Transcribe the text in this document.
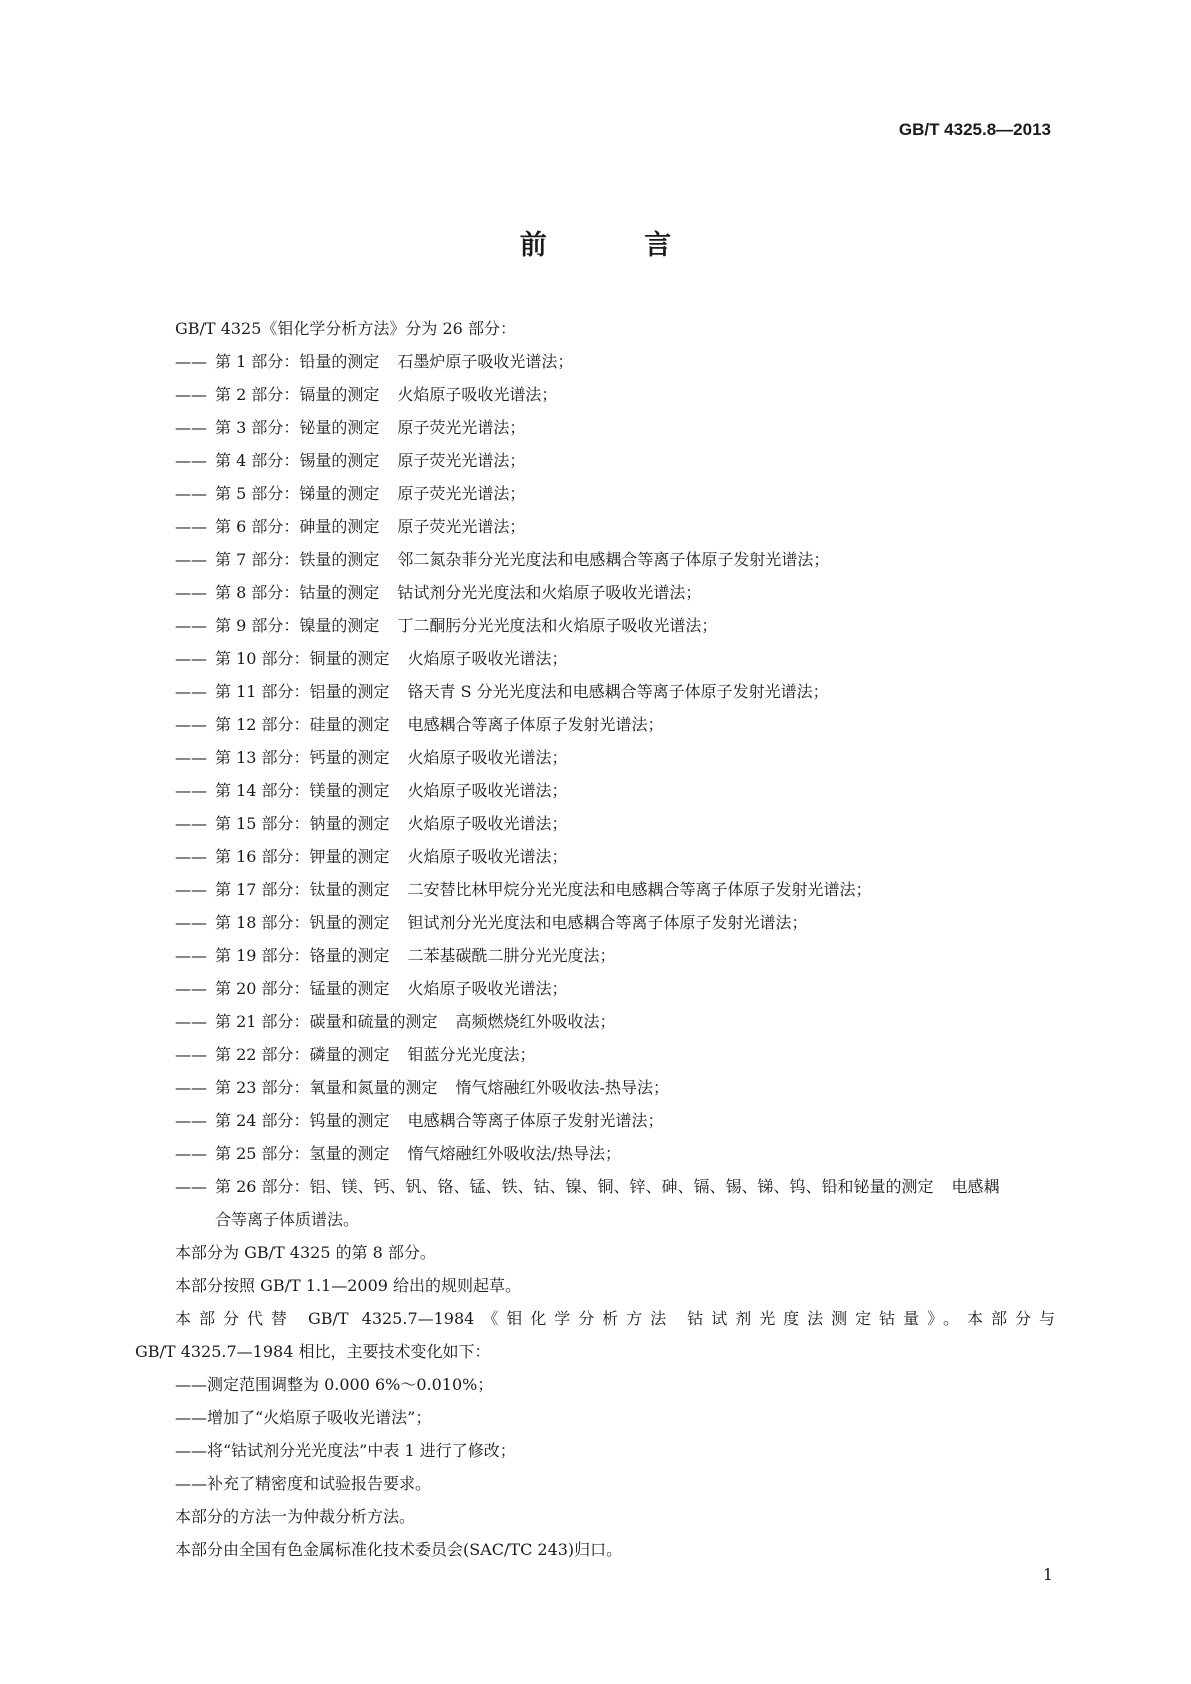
GB/T 4325.8—2013
前 言
GB/T 4325《钼化学分析方法》分为 26 部分：
—— 第 1 部分：铅量的测定 石墨炉原子吸收光谱法；
—— 第 2 部分：镉量的测定 火焰原子吸收光谱法；
—— 第 3 部分：铋量的测定 原子荧光光谱法；
—— 第 4 部分：锡量的测定 原子荧光光谱法；
—— 第 5 部分：锑量的测定 原子荧光光谱法；
—— 第 6 部分：砷量的测定 原子荧光光谱法；
—— 第 7 部分：铁量的测定 邻二氮杂菲分光光度法和电感耦合等离子体原子发射光谱法；
—— 第 8 部分：钴量的测定 钴试剂分光光度法和火焰原子吸收光谱法；
—— 第 9 部分：镍量的测定 丁二酮肟分光光度法和火焰原子吸收光谱法；
—— 第 10 部分：铜量的测定 火焰原子吸收光谱法；
—— 第 11 部分：铝量的测定 铬天青 S 分光光度法和电感耦合等离子体原子发射光谱法；
—— 第 12 部分：硅量的测定 电感耦合等离子体原子发射光谱法；
—— 第 13 部分：钙量的测定 火焰原子吸收光谱法；
—— 第 14 部分：镁量的测定 火焰原子吸收光谱法；
—— 第 15 部分：钠量的测定 火焰原子吸收光谱法；
—— 第 16 部分：钾量的测定 火焰原子吸收光谱法；
—— 第 17 部分：钛量的测定 二安替比林甲烷分光光度法和电感耦合等离子体原子发射光谱法；
—— 第 18 部分：钒量的测定 钽试剂分光光度法和电感耦合等离子体原子发射光谱法；
—— 第 19 部分：铬量的测定 二苯基碳酰二肼分光光度法；
—— 第 20 部分：锰量的测定 火焰原子吸收光谱法；
—— 第 21 部分：碳量和硫量的测定 高频燃烧红外吸收法；
—— 第 22 部分：磷量的测定 钼蓝分光光度法；
—— 第 23 部分：氧量和氮量的测定 惰气熔融红外吸收法-热导法；
—— 第 24 部分：钨量的测定 电感耦合等离子体原子发射光谱法；
—— 第 25 部分：氢量的测定 惰气熔融红外吸收法/热导法；
—— 第 26 部分：铝、镁、钙、钒、铬、锰、铁、钴、镍、铜、锌、砷、镉、锡、锑、钨、铅和铋量的测定 电感耦
合等离子体质谱法。
本部分为 GB/T 4325 的第 8 部分。
本部分按照 GB/T 1.1—2009 给出的规则起草。
本部分代替 GB/T 4325.7—1984《钼化学分析方法 钴试剂光度法测定钴量》。本部分与
GB/T 4325.7—1984 相比，主要技术变化如下：
——测定范围调整为 0.000 6%～0.010%；
——增加了“火焰原子吸收光谱法”；
——将“钴试剂分光光度法”中表 1 进行了修改；
——补充了精密度和试验报告要求。
本部分的方法一为仲裁分析方法。
本部分由全国有色金属标准化技术委员会(SAC/TC 243)归口。
1
